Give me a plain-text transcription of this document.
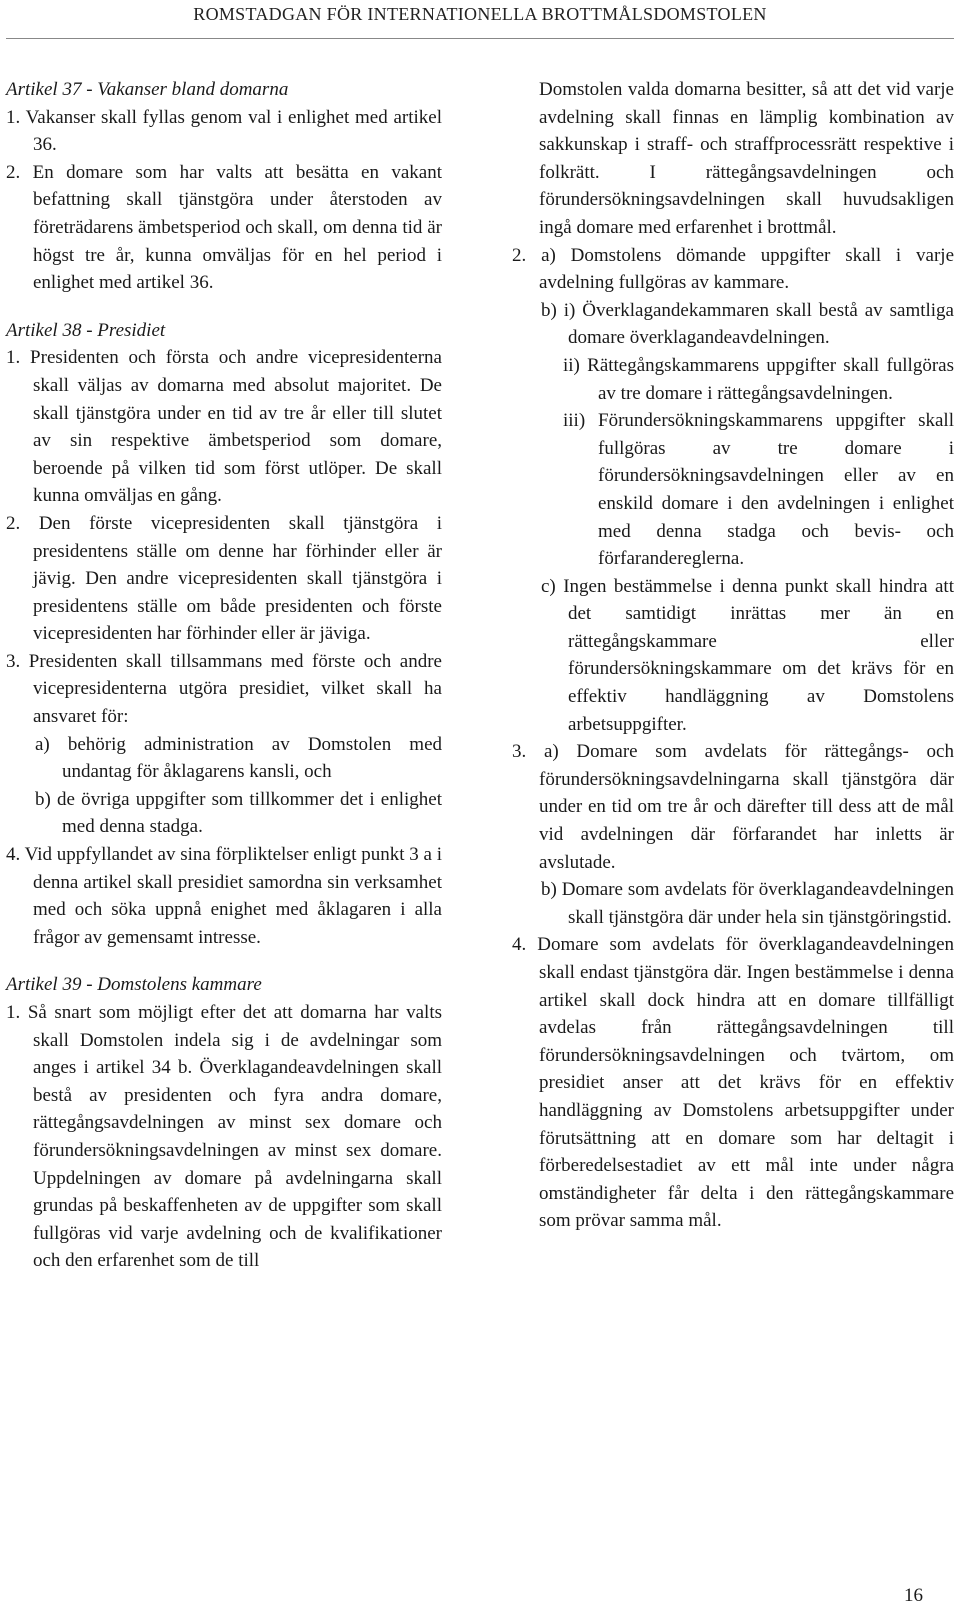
ROMSTADGAN FÖR INTERNATIONELLA BROTTMÅLSDOMSTOLEN

Artikel 37 - Vakanser bland domarna

1. Vakanser skall fyllas genom val i enlighet med artikel 36.

2. En domare som har valts att besätta en vakant befattning skall tjänstgöra under återstoden av företrädarens ämbetsperiod och skall, om denna tid är högst tre år, kunna omväljas för en hel period i enlighet med artikel 36.

Artikel 38 - Presidiet

1. Presidenten och första och andre vicepresidenterna skall väljas av domarna med absolut majoritet. De skall tjänstgöra under en tid av tre år eller till slutet av sin respektive ämbetsperiod som domare, beroende på vilken tid som först utlöper. De skall kunna omväljas en gång.

2. Den förste vicepresidenten skall tjänstgöra i presidentens ställe om denne har förhinder eller är jävig. Den andre vicepresidenten skall tjänstgöra i presidentens ställe om både presidenten och förste vicepresidenten har förhinder eller är jäviga.

3. Presidenten skall tillsammans med förste och andre vicepresidenterna utgöra presidiet, vilket skall ha ansvaret för:

a) behörig administration av Domstolen med undantag för åklagarens kansli, och

b) de övriga uppgifter som tillkommer det i enlighet med denna stadga.

4. Vid uppfyllandet av sina förpliktelser enligt punkt 3 a i denna artikel skall presidiet samordna sin verksamhet med och söka uppnå enighet med åklagaren i alla frågor av gemensamt intresse.

Artikel 39 - Domstolens kammare

1. Så snart som möjligt efter det att domarna har valts skall Domstolen indela sig i de avdelningar som anges i artikel 34 b. Överklagandeavdelningen skall bestå av presidenten och fyra andra domare, rättegångsavdelningen av minst sex domare och förundersökningsavdelningen av minst sex domare. Uppdelningen av domare på avdelningarna skall grundas på beskaffenheten av de uppgifter som skall fullgöras vid varje avdelning och de kvalifikationer och den erfarenhet som de till

Domstolen valda domarna besitter, så att det vid varje avdelning skall finnas en lämplig kombination av sakkunskap i straff- och straffprocessrätt respektive i folkrätt. I rättegångsavdelningen och förundersökningsavdelningen skall huvudsakligen ingå domare med erfarenhet i brottmål.

2. a) Domstolens dömande uppgifter skall i varje avdelning fullgöras av kammare.

b) i) Överklagandekammaren skall bestå av samtliga domare överklagandeavdelningen.

ii) Rättegångskammarens uppgifter skall fullgöras av tre domare i rättegångsavdelningen.

iii) Förundersökningskammarens uppgifter skall fullgöras av tre domare i förundersökningsavdelningen eller av en enskild domare i den avdelningen i enlighet med denna stadga och bevis- och förfarandereglerna.

c) Ingen bestämmelse i denna punkt skall hindra att det samtidigt inrättas mer än en rättegångskammare eller förundersökningskammare om det krävs för en effektiv handläggning av Domstolens arbetsuppgifter.

3. a) Domare som avdelats för rättegångs- och förundersökningsavdelningarna skall tjänstgöra där under en tid om tre år och därefter till dess att de mål vid avdelningen där förfarandet har inletts är avslutade.

b) Domare som avdelats för överklagandeavdelningen skall tjänstgöra där under hela sin tjänstgöringstid.

4. Domare som avdelats för överklagandeavdelningen skall endast tjänstgöra där. Ingen bestämmelse i denna artikel skall dock hindra att en domare tillfälligt avdelas från rättegångsavdelningen till förundersökningsavdelningen och tvärtom, om presidiet anser att det krävs för en effektiv handläggning av Domstolens arbetsuppgifter under förutsättning att en domare som har deltagit i förberedelsestadiet av ett mål inte under några omständigheter får delta i den rättegångskammare som prövar samma mål.

16
